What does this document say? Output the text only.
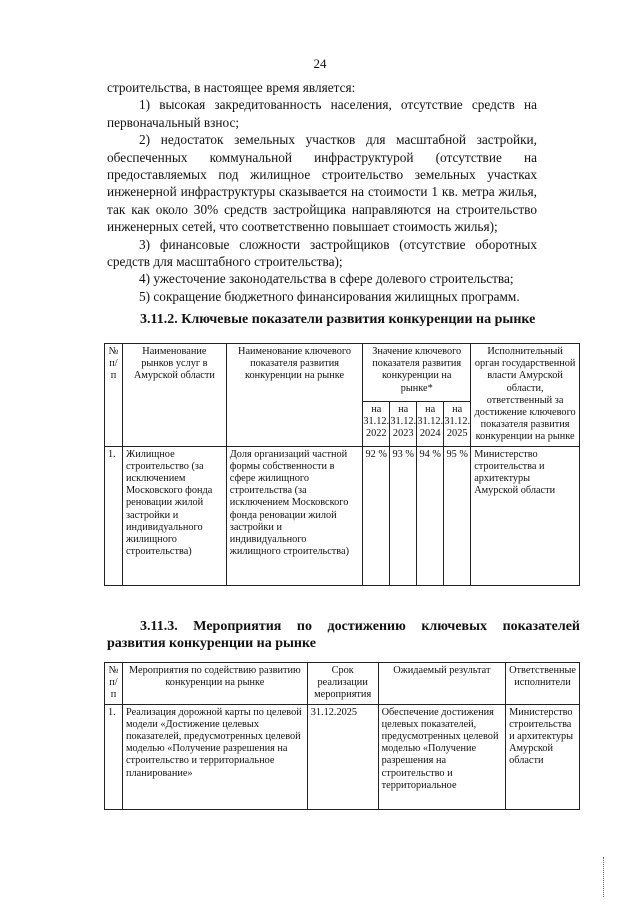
24

строительства, в настоящее время является:

1) высокая закредитованность населения, отсутствие средств на первоначальный взнос;

2) недостаток земельных участков для масштабной застройки, обеспеченных коммунальной инфраструктурой (отсутствие на предоставляемых под жилищное строительство земельных участках инженерной инфраструктуры сказывается на стоимости 1 кв. метра жилья, так как около 30% средств застройщика направляются на строительство инженерных сетей, что соответственно повышает стоимость жилья);

3) финансовые сложности застройщиков (отсутствие оборотных средств для масштабного строительства);

4) ужесточение законодательства в сфере долевого строительства;

5) сокращение бюджетного финансирования жилищных программ.

3.11.2. Ключевые показатели развития конкуренции на рынке
№ п/п	Наименование рынков услуг в Амурской области	Наименование ключевого показателя развития конкуренции на рынке	Значение ключевого показателя развития конкуренции на рынке*				Исполнительный орган государственной власти Амурской области, ответственный за достижение ключевого показателя развития конкуренции на рынке
			на 31.12. 2022	на 31.12. 2023	на 31.12. 2024	на 31.12. 2025	
1.	Жилищное строительство (за исключением Московского фонда реновации жилой застройки и индивидуального жилищного строительства)	Доля организаций частной формы собственности в сфере жилищного строительства (за исключением Московского фонда реновации жилой застройки и индивидуального жилищного строительства)	92 %	93 %	94 %	95 %	Министерство строительства и архитектуры Амурской области
3.11.3. Мероприятия по достижению ключевых показателей
развития конкуренции на рынке
№ п/п	Мероприятия по содействию развитию конкуренции на рынке	Срок реализации мероприятия	Ожидаемый результат	Ответственные исполнители
1.	Реализация дорожной карты по целевой модели «Достижение целевых показателей, предусмотренных целевой моделью «Получение разрешения на строительство и территориальное планирование»	31.12.2025	Обеспечение достижения целевых показателей, предусмотренных целевой моделью «Получение разрешения на строительство и территориальное	Министерство строительства и архитектуры Амурской области
